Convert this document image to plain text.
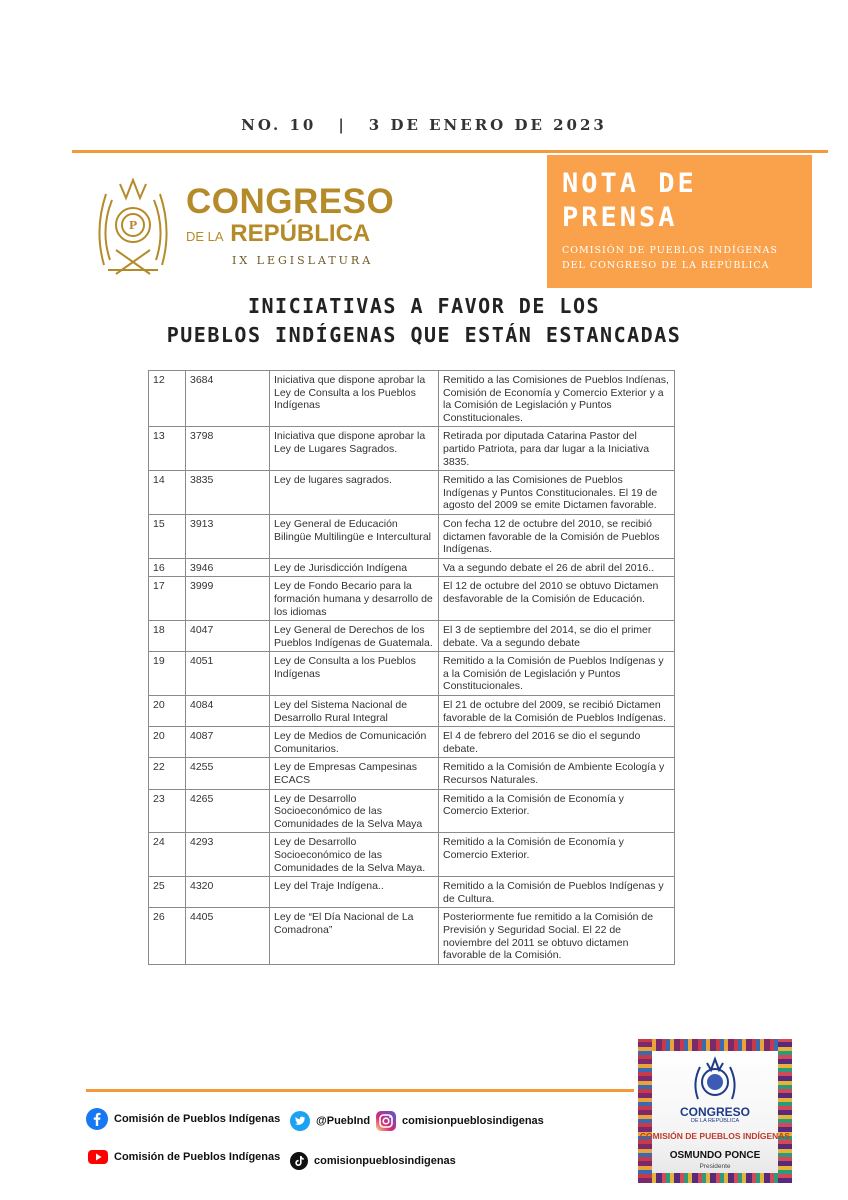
NO. 10 | 3 DE ENERO DE 2023
P
CONGRESO
DE LA REPÚBLICA
IX LEGISLATURA
NOTA DE
PRENSA
COMISIÓN DE PUEBLOS INDÍGENAS
DEL CONGRESO DE LA REPÚBLICA
INICIATIVAS A FAVOR DE LOS
PUEBLOS INDÍGENAS QUE ESTÁN ESTANCADAS
12	3684	Iniciativa que dispone aprobar la Ley de Consulta a los Pueblos Indígenas	Remitido a las Comisiones de Pueblos Indíenas, Comisión de Economía y Comercio Exterior y a la Comisión de Legislación y Puntos Constitucionales.
13	3798	Iniciativa que dispone aprobar la Ley de Lugares Sagrados.	Retirada por diputada Catarina Pastor del partido Patriota, para dar lugar a la Iniciativa 3835.
14	3835	Ley de lugares sagrados.	Remitido a las Comisiones de Pueblos Indígenas y Puntos Constitucionales. El 19 de agosto del 2009 se emite Dictamen favorable.
15	3913	Ley General de Educación Bilingüe Multilingüe e Intercultural	Con fecha 12 de octubre del 2010, se recibió dictamen favorable de la Comisión de Pueblos Indígenas.
16	3946	Ley de Jurisdicción Indígena	Va a segundo debate el 26 de abril del 2016..
17	3999	Ley de Fondo Becario para la formación humana y desarrollo de los idiomas	El 12 de octubre del 2010 se obtuvo Dictamen desfavorable de la Comisión de Educación.
18	4047	Ley General de Derechos de los Pueblos Indígenas de Guatemala.	El 3 de septiembre del 2014, se dio el primer debate. Va a segundo debate
19	4051	Ley de Consulta a los Pueblos Indígenas	Remitido a la Comisión de Pueblos Indígenas y a la Comisión de Legislación y Puntos Constitucionales.
20	4084	Ley del Sistema Nacional de Desarrollo Rural Integral	El 21 de octubre del 2009, se recibió Dictamen favorable de la Comisión de Pueblos Indígenas.
20	4087	Ley de Medios de Comunicación Comunitarios.	El 4 de febrero del 2016 se dio el segundo debate.
22	4255	Ley de Empresas Campesinas ECACS	Remitido a la Comisión de Ambiente Ecología y Recursos Naturales.
23	4265	Ley de Desarrollo Socioeconómico de las Comunidades de la Selva Maya	Remitido a la Comisión de Economía y Comercio Exterior.
24	4293	Ley de Desarrollo Socioeconómico de las Comunidades de la Selva Maya.	Remitido a la Comisión de Economía y Comercio Exterior.
25	4320	Ley del Traje Indígena..	Remitido a la Comisión de Pueblos Indígenas y de Cultura.
26	4405	Ley de “El Día Nacional de La Comadrona”	Posteriormente fue remitido a la Comisión de Previsión y Seguridad Social. El 22 de noviembre del 2011 se obtuvo dictamen favorable de la Comisión.
Comisión de Pueblos Indígenas
Comisión de Pueblos Indígenas
@PuebInd	comisionpueblosindigenas
comisionpueblosindigenas
CONGRESO
DE LA REPÚBLICA
COMISIÓN DE PUEBLOS INDÍGENAS
OSMUNDO PONCE
Presidente
